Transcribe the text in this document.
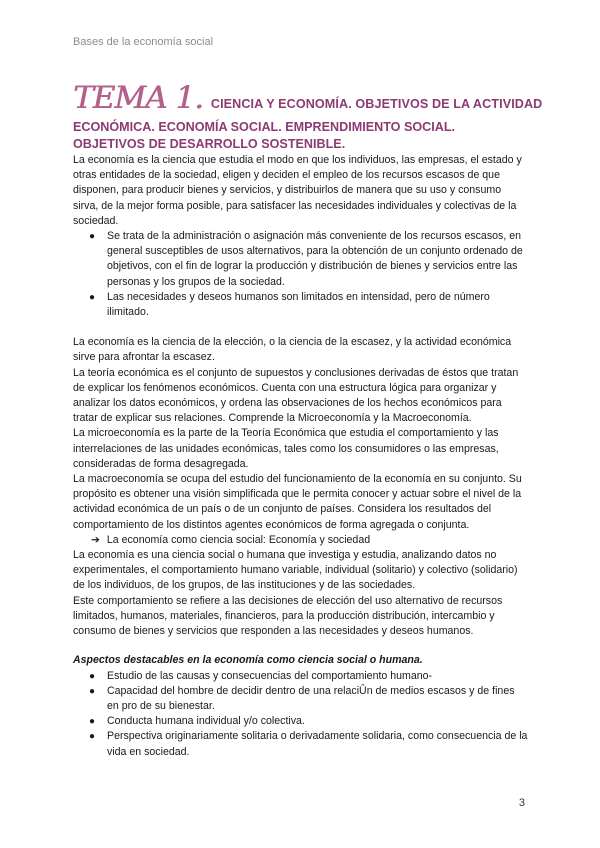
Bases de la economía social
TEMA 1. CIENCIA Y ECONOMÍA. OBJETIVOS DE LA ACTIVIDAD
ECONÓMICA. ECONOMÍA SOCIAL. EMPRENDIMIENTO SOCIAL.
OBJETIVOS DE DESARROLLO SOSTENIBLE.

La economía es la ciencia que estudia el modo en que los individuos, las empresas, el estado y otras entidades de la sociedad, eligen y deciden el empleo de los recursos escasos de que disponen, para producir bienes y servicios, y distribuirlos de manera que su uso y consumo sirva, de la mejor forma posible, para satisfacer las necesidades individuales y colectivas de la sociedad.

● Se trata de la administración o asignación más conveniente de los recursos escasos, en general susceptibles de usos alternativos, para la obtención de un conjunto ordenado de objetivos, con el fin de lograr la producción y distribución de bienes y servicios entre las personas y los grupos de la sociedad.
● Las necesidades y deseos humanos son limitados en intensidad, pero de número ilimitado.

La economía es la ciencia de la elección, o la ciencia de la escasez, y la actividad económica sirve para afrontar la escasez.

La teoría económica es el conjunto de supuestos y conclusiones derivadas de éstos que tratan de explicar los fenómenos económicos. Cuenta con una estructura lógica para organizar y analizar los datos económicos, y ordena las observaciones de los hechos económicos para tratar de explicar sus relaciones. Comprende la Microeconomía y la Macroeconomía.

La microeconomía es la parte de la Teoría Económica que estudia el comportamiento y las interrelaciones de las unidades económicas, tales como los consumidores o las empresas, consideradas de forma desagregada.

La macroeconomía se ocupa del estudio del funcionamiento de la economía en su conjunto. Su propósito es obtener una visión simplificada que le permita conocer y actuar sobre el nivel de la actividad económica de un país o de un conjunto de países. Considera los resultados del comportamiento de los distintos agentes económicos de forma agregada o conjunta.

➔ La economía como ciencia social: Economía y sociedad

La economía es una ciencia social o humana que investiga y estudia, analizando datos no experimentales, el comportamiento humano variable, individual (solitario) y colectivo (solidario) de los individuos, de los grupos, de las instituciones y de las sociedades.

Este comportamiento se refiere a las decisiones de elección del uso alternativo de recursos limitados, humanos, materiales, financieros, para la producción distribución, intercambio y consumo de bienes y servicios que responden a las necesidades y deseos humanos.

Aspectos destacables en la economía como ciencia social o humana.
● Estudio de las causas y consecuencias del comportamiento humano-
● Capacidad del hombre de decidir dentro de una relaciÛn de medios escasos y de fines en pro de su bienestar.
● Conducta humana individual y/o colectiva.
● Perspectiva originariamente solitaria o derivadamente solidaria, como consecuencia de la vida en sociedad.
3
